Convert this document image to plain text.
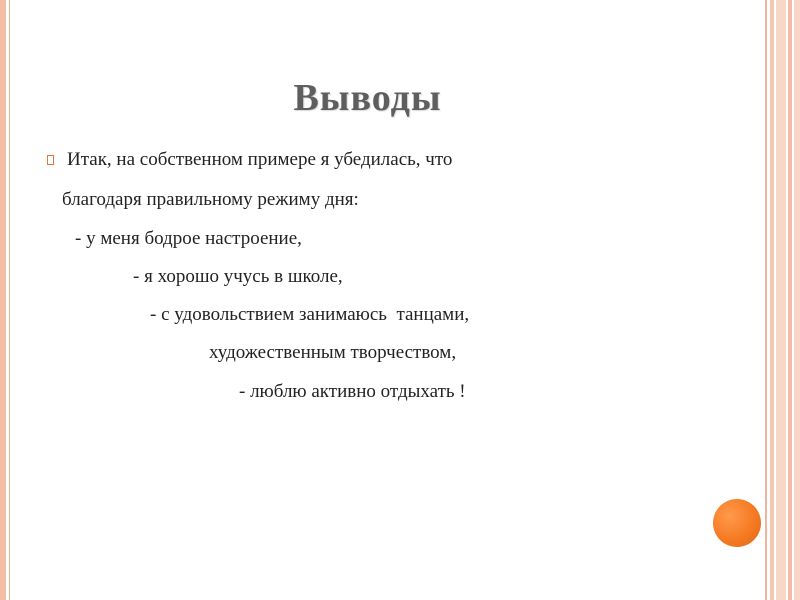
Выводы
Итак, на собственном примере я убедилась, что
благодаря правильному режиму дня:
- у меня бодрое настроение,
- я хорошо учусь в школе,
- с удовольствием занимаюсь  танцами,
художественным творчеством,
- люблю активно отдыхать !
